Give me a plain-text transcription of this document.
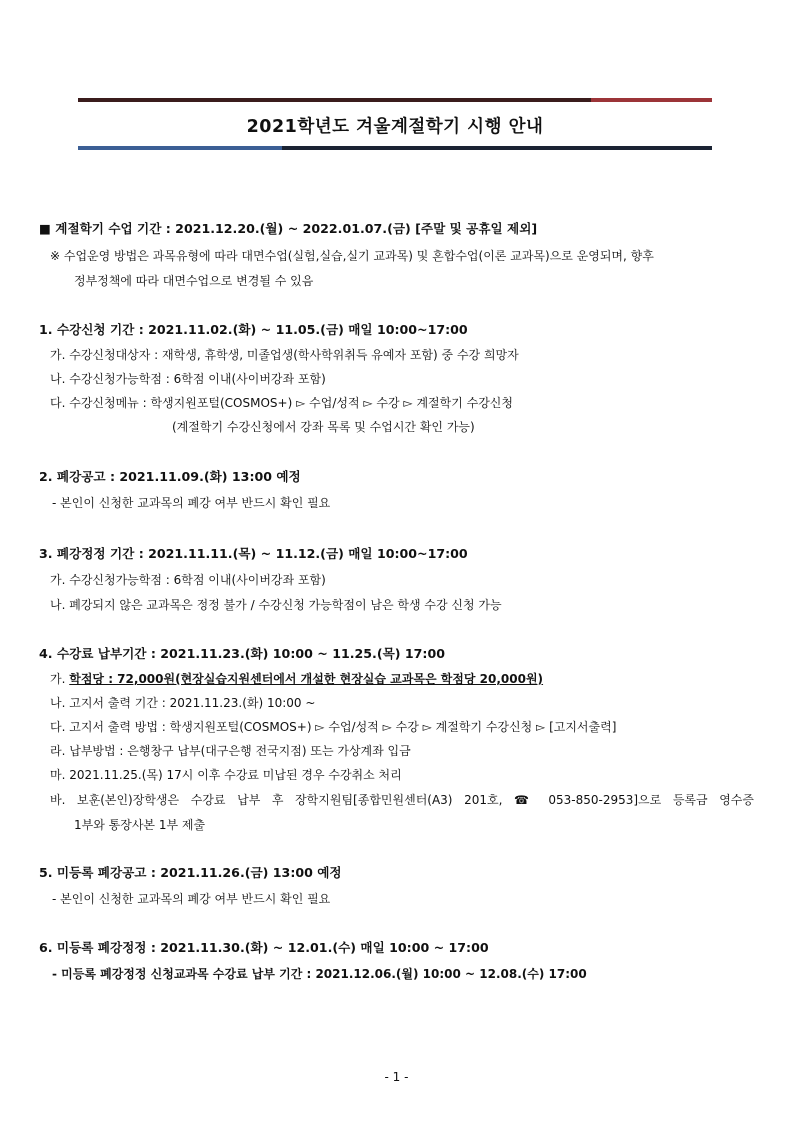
2021학년도 겨울계절학기 시행 안내
■ 계절학기 수업 기간 : 2021.12.20.(월) ~ 2022.01.07.(금) [주말 및 공휴일 제외]
※ 수업운영 방법은 과목유형에 따라 대면수업(실험,실습,실기 교과목) 및 혼합수업(이론 교과목)으로 운영되며, 향후
정부정책에 따라 대면수업으로 변경될 수 있음
1. 수강신청 기간 : 2021.11.02.(화) ~ 11.05.(금) 매일 10:00~17:00
가. 수강신청대상자 : 재학생, 휴학생, 미졸업생(학사학위취득 유예자 포함) 중 수강 희망자
나. 수강신청가능학점 : 6학점 이내(사이버강좌 포함)
다. 수강신청메뉴 : 학생지원포털(COSMOS+) ▻ 수업/성적 ▻ 수강 ▻ 계절학기 수강신청
(계절학기 수강신청에서 강좌 목록 및 수업시간 확인 가능)
2. 폐강공고 : 2021.11.09.(화) 13:00 예정
- 본인이 신청한 교과목의 폐강 여부 반드시 확인 필요
3. 폐강정정 기간 : 2021.11.11.(목) ~ 11.12.(금) 매일 10:00~17:00
가. 수강신청가능학점 : 6학점 이내(사이버강좌 포함)
나. 폐강되지 않은 교과목은 정정 불가 / 수강신청 가능학점이 남은 학생 수강 신청 가능
4. 수강료 납부기간 : 2021.11.23.(화) 10:00 ~ 11.25.(목) 17:00
가. 학점당 : 72,000원(현장실습지원센터에서 개설한 현장실습 교과목은 학점당 20,000원)
나. 고지서 출력 기간 : 2021.11.23.(화) 10:00 ~
다. 고지서 출력 방법 : 학생지원포털(COSMOS+) ▻ 수업/성적 ▻ 수강 ▻ 계절학기 수강신청 ▻ [고지서출력]
라. 납부방법 : 은행창구 납부(대구은행 전국지점) 또는 가상계좌 입금
마. 2021.11.25.(목) 17시 이후 수강료 미납된 경우 수강취소 처리
바. 보훈(본인)장학생은 수강료 납부 후 장학지원팀[종합민원센터(A3) 201호, ☎ 053-850-2953]으로 등록금 영수증
1부와 통장사본 1부 제출
5. 미등록 폐강공고 : 2021.11.26.(금) 13:00 예정
- 본인이 신청한 교과목의 폐강 여부 반드시 확인 필요
6. 미등록 폐강정정 : 2021.11.30.(화) ~ 12.01.(수) 매일 10:00 ~ 17:00
- 미등록 폐강정정 신청교과목 수강료 납부 기간 : 2021.12.06.(월) 10:00 ~ 12.08.(수) 17:00
- 1 -
